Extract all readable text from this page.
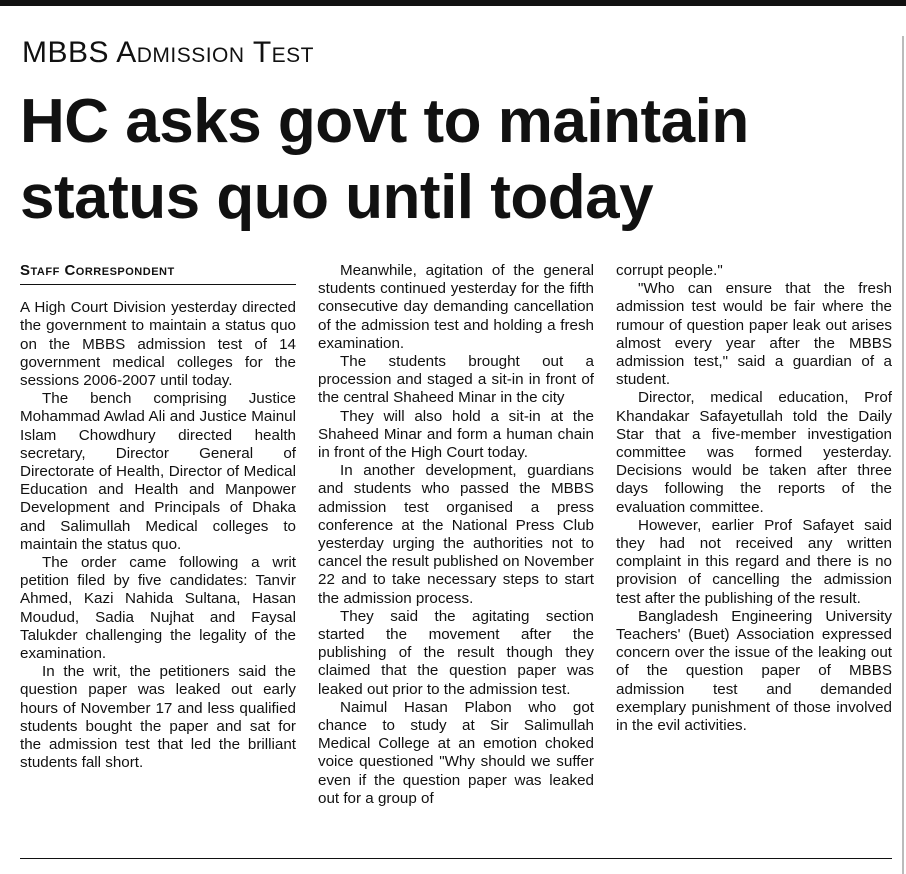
MBBS Admission Test
HC asks govt to maintain status quo until today
Staff Correspondent

A High Court Division yesterday directed the government to maintain a status quo on the MBBS admission test of 14 government medical colleges for the sessions 2006-2007 until today.

The bench comprising Justice Mohammad Awlad Ali and Justice Mainul Islam Chowdhury directed health secretary, Director General of Directorate of Health, Director of Medical Education and Health and Manpower Development and Principals of Dhaka and Salimullah Medical colleges to maintain the status quo.

The order came following a writ petition filed by five candidates: Tanvir Ahmed, Kazi Nahida Sultana, Hasan Moudud, Sadia Nujhat and Faysal Talukder challenging the legality of the examination.

In the writ, the petitioners said the question paper was leaked out early hours of November 17 and less qualified students bought the paper and sat for the admission test that led the brilliant students fall short.

Meanwhile, agitation of the general students continued yesterday for the fifth consecutive day demanding cancellation of the admission test and holding a fresh examination.

The students brought out a procession and staged a sit-in in front of the central Shaheed Minar in the city

They will also hold a sit-in at the Shaheed Minar and form a human chain in front of the High Court today.

In another development, guardians and students who passed the MBBS admission test organised a press conference at the National Press Club yesterday urging the authorities not to cancel the result published on November 22 and to take necessary steps to start the admission process.

They said the agitating section started the movement after the publishing of the result though they claimed that the question paper was leaked out prior to the admission test.

Naimul Hasan Plabon who got chance to study at Sir Salimullah Medical College at an emotion choked voice questioned "Why should we suffer even if the question paper was leaked out for a group of

corrupt people."

"Who can ensure that the fresh admission test would be fair where the rumour of question paper leak out arises almost every year after the MBBS admission test," said a guardian of a student.

Director, medical education, Prof Khandakar Safayetullah told the Daily Star that a five-member investigation committee was formed yesterday. Decisions would be taken after three days following the reports of the evaluation committee.

However, earlier Prof Safayet said they had not received any written complaint in this regard and there is no provision of cancelling the admission test after the publishing of the result.

Bangladesh Engineering University Teachers' (Buet) Association expressed concern over the issue of the leaking out of the question paper of MBBS admission test and demanded exemplary punishment of those involved in the evil activities.
